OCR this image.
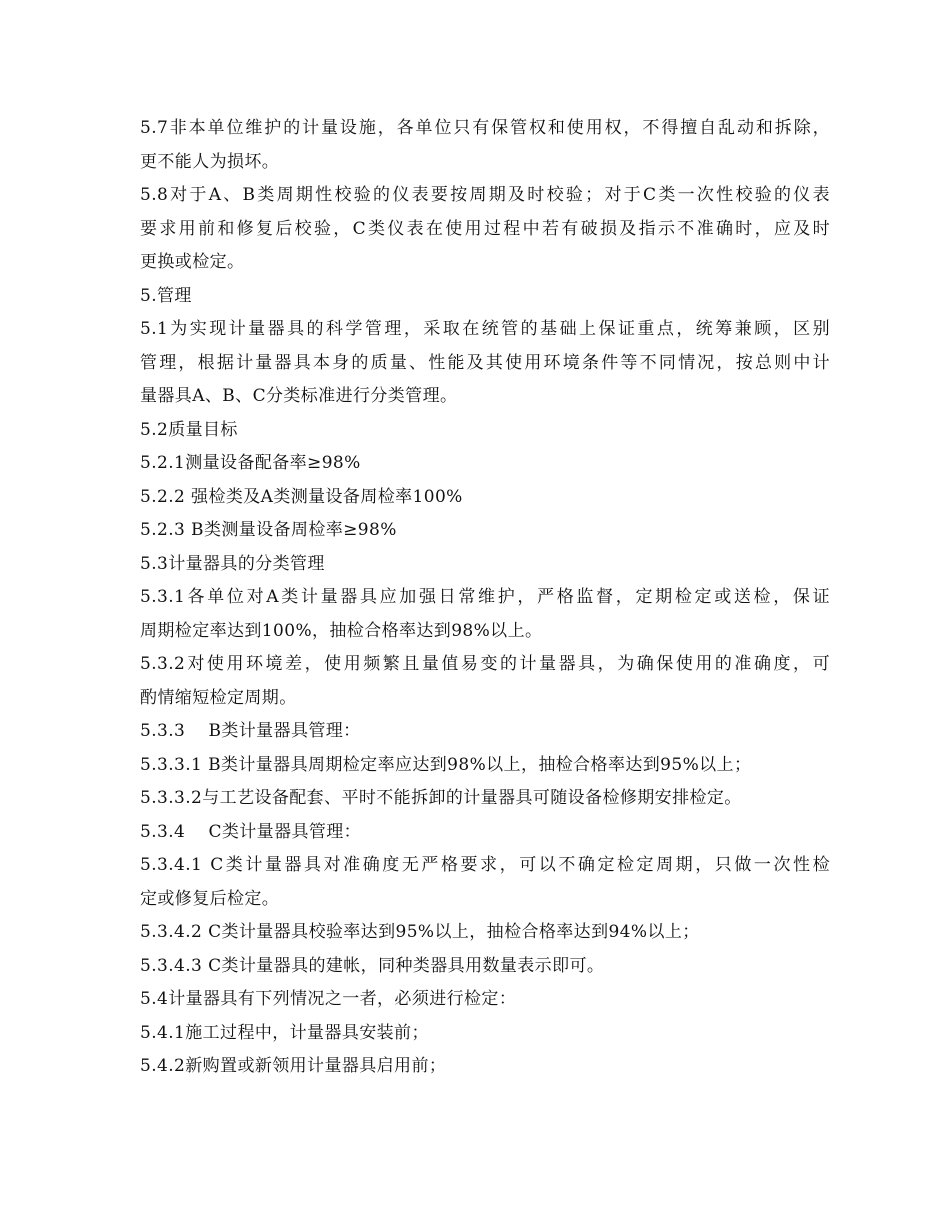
5.7非本单位维护的计量设施，各单位只有保管权和使用权，不得擅自乱动和拆除，
更不能人为损坏。
5.8对于A、B类周期性校验的仪表要按周期及时校验；对于C类一次性校验的仪表
要求用前和修复后校验，C类仪表在使用过程中若有破损及指示不准确时，应及时
更换或检定。
5.管理
5.1为实现计量器具的科学管理，采取在统管的基础上保证重点，统筹兼顾，区别
管理，根据计量器具本身的质量、性能及其使用环境条件等不同情况，按总则中计
量器具A、B、C分类标准进行分类管理。
5.2质量目标
5.2.1测量设备配备率≥98%
5.2.2 强检类及A类测量设备周检率100%
5.2.3 B类测量设备周检率≥98%
5.3计量器具的分类管理
5.3.1各单位对A类计量器具应加强日常维护，严格监督，定期检定或送检，保证
周期检定率达到100%，抽检合格率达到98%以上。
5.3.2对使用环境差，使用频繁且量值易变的计量器具，为确保使用的准确度，可
酌情缩短检定周期。
5.3.3　 B类计量器具管理：
5.3.3.1 B类计量器具周期检定率应达到98%以上，抽检合格率达到95%以上；
5.3.3.2与工艺设备配套、平时不能拆卸的计量器具可随设备检修期安排检定。
5.3.4　 C类计量器具管理：
5.3.4.1 C类计量器具对准确度无严格要求，可以不确定检定周期，只做一次性检
定或修复后检定。
5.3.4.2 C类计量器具校验率达到95%以上，抽检合格率达到94%以上；
5.3.4.3 C类计量器具的建帐，同种类器具用数量表示即可。
5.4计量器具有下列情况之一者，必须进行检定：
5.4.1施工过程中，计量器具安装前；
5.4.2新购置或新领用计量器具启用前；
